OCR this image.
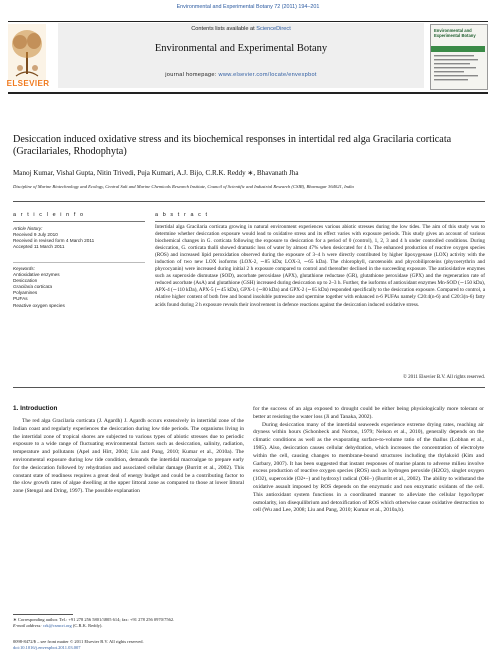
Environmental and Experimental Botany 72 (2011) 194–201
ELSEVIER
Contents lists available at ScienceDirect
Environmental and Experimental Botany
journal homepage: www.elsevier.com/locate/envexpbot
Environmental and Experimental Botany
Desiccation induced oxidative stress and its biochemical responses in intertidal red alga Gracilaria corticata (Gracilariales, Rhodophyta)
Manoj Kumar, Vishal Gupta, Nitin Trivedi, Puja Kumari, A.J. Bijo, C.R.K. Reddy ∗, Bhavanath Jha
Discipline of Marine Biotechnology and Ecology, Central Salt and Marine Chemicals Research Institute, Council of Scientific and Industrial Research (CSIR), Bhavnagar 364021, India
a r t i c l e i n f o
Article history:
Received 9 July 2010
Received in revised form 4 March 2011
Accepted 11 March 2011
Keywords:
Antioxidative enzymes
Desiccation
Gracilaria corticata
Polyamines
PUFAs
Reactive oxygen species
a b s t r a c t
Intertidal alga Gracilaria corticata growing in natural environment experiences various abiotic stresses during the low tides. The aim of this study was to determine whether desiccation exposure would lead to oxidative stress and its effect varies with exposure periods. This study gives an account of various biochemical changes in G. corticata following the exposure to desiccation for a period of 0 (control), 1, 2, 3 and 4 h under controlled conditions. During desiccation, G. corticata thalli showed dramatic loss of water by almost 47% when desiccated for 4 h. The enhanced production of reactive oxygen species (ROS) and increased lipid peroxidation observed during the exposure of 3–4 h were directly contributed by higher lipoxygenase (LOX) activity with the induction of two new LOX isoforms (LOX-2, ∼85 kDa; LOX-3, ∼65 kDa). The chlorophyll, carotenoids and phycobiliproteins (phycoerythrin and phycocyanin) were increased during initial 2 h exposure compared to control and thereafter declined in the succeeding exposure. The antioxidative enzymes such as superoxide dismutase (SOD), ascorbate peroxidase (APX), glutathione reductase (GR), glutathione peroxidase (GPX) and the regeneration rate of reduced ascorbate (AsA) and glutathione (GSH) increased during desiccation up to 2–3 h. Further, the isoforms of antioxidant enzymes Mn-SOD (∼150 kDa), APX-4 (∼110 kDa), APX-5 (∼45 kDa), GPX-1 (∼80 kDa) and GPX-2 (∼65 kDa) responded specifically to the desiccation exposure. Compared to control, a relative higher content of both free and bound insoluble putrescine and spermine together with enhanced n-6 PUFAs namely C20:4(n-6) and C20:3(n-6) fatty acids found during 2 h exposure reveals their involvement in defence reactions against the desiccation induced oxidative stress.
© 2011 Elsevier B.V. All rights reserved.
1. Introduction
The red alga Gracilaria corticata (J. Agardh) J. Agardh occurs extensively in intertidal zone of the Indian coast and regularly experiences the desiccation during low tide periods. The organisms living in the intertidal zone of tropical shores are subjected to various types of abiotic stresses due to periodic exposure to a wide range of fluctuating environmental factors such as desiccation, salinity, radiation, temperature and pollutants (Apel and Hirt, 2004; Liu and Pang, 2010; Kumar et al., 2010a). The environmental exposure during low tide condition, demands the intertidal macroalgae to prepare early for the desiccation followed by rehydration and associated cellular damage (Burritt et al., 2002). This constant state of readiness requires a great deal of energy budget and could be a contributing factor to the slow growth rates of algae dwelling at the upper littoral zone as compared to those at lower littoral zone (Stengal and Dring, 1997). The possible explanation

for the success of an alga exposed to drought could be either being physiologically more tolerant or better at resisting the water loss (Ji and Tanaka, 2002).

During desiccation many of the intertidal seaweeds experience extreme drying rates, reaching air dryness within hours (Schonbeck and Norton, 1979; Nelson et al., 2010), generally depends on the climatic conditions as well as the evaporating surface-to-volume ratio of the thallus (Lobban et al., 1985). Also, desiccation causes cellular dehydration, which increases the concentration of electrolyte within the cell, causing changes to membrane-bound structures including the thylakoid (Kim and Garbary, 2007). It has been suggested that instant responses of marine plants to adverse milieu involve excess production of reactive oxygen species (ROS) such as hydrogen peroxide (H2O2), singlet oxygen (1O2), superoxide (O2•−) and hydroxyl radical (OH−) (Burritt et al., 2002). The ability to withstand the oxidative assault imposed by ROS depends on the enzymatic and non enzymatic oxidants of the cell. This antioxidant system functions in a coordinated manner to alleviate the cellular hypo/hyper osmolarity, ion disequilibrium and detoxification of ROS which otherwise cause oxidative destruction to cell (Wu and Lee, 2008; Liu and Pang, 2010; Kumar et al., 2010a,b).

∗ Corresponding author. Tel.: +91 278 256 5801/3805 614; fax: +91 278 256 0970/7562.
E-mail address: crk@csmcri.org (C.R.K. Reddy).
0098-8472/$ – see front matter © 2011 Elsevier B.V. All rights reserved.
doi:10.1016/j.envexpbot.2011.03.007
